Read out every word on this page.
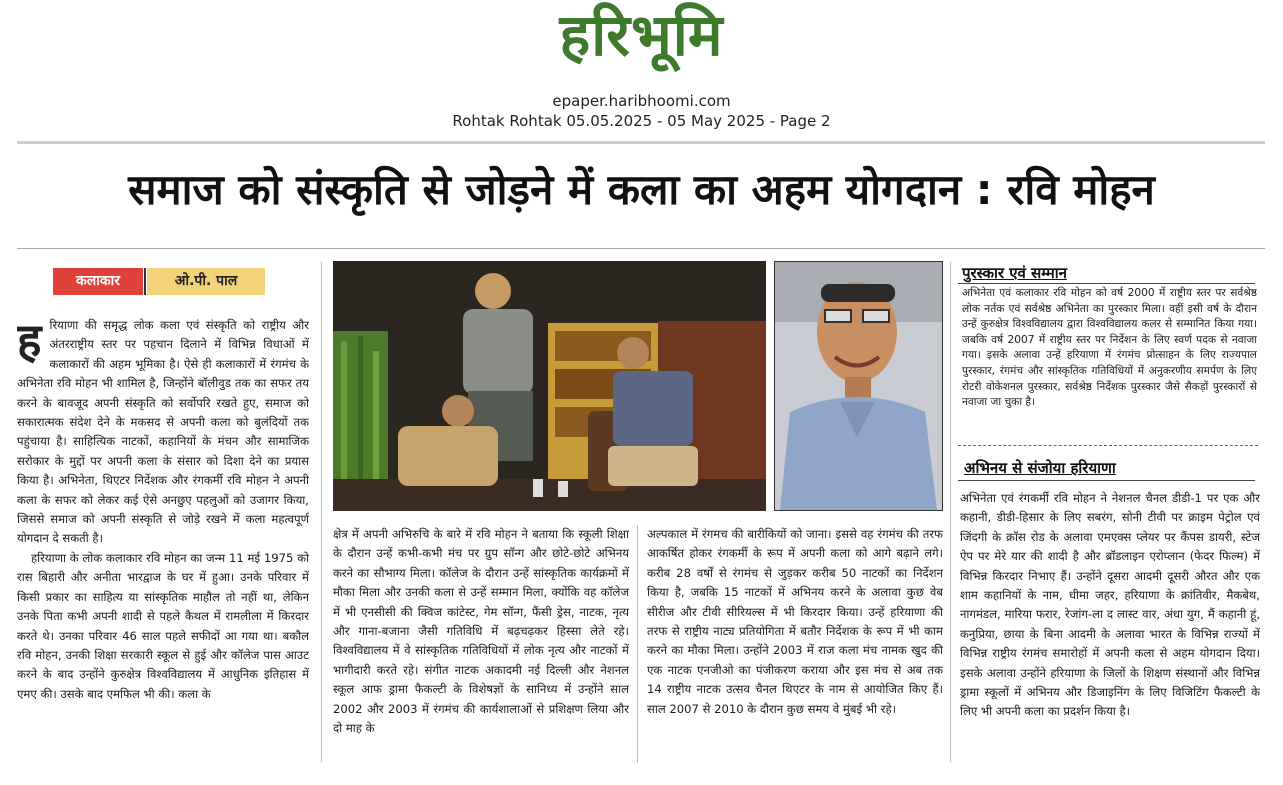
हरिभूमि
epaper.haribhoomi.com
Rohtak Rohtak 05.05.2025 - 05 May 2025 - Page 2
समाज को संस्कृति से जोड़ने में कला का अहम योगदान : रवि मोहन
कलाकार	ओ.पी. पाल

ह रियाणा की समृद्ध लोक कला एवं संस्कृति को राष्ट्रीय और अंतरराष्ट्रीय स्तर पर पहचान दिलाने में विभिन्न विधाओं में कलाकारों की अहम भूमिका है। ऐसे ही कलाकारों में रंगमंच के अभिनेता रवि मोहन भी शामिल है, जिन्होंने बॉलीवुड तक का सफर तय करने के बावजूद अपनी संस्कृति को सर्वोपरि रखते हुए, समाज को सकारात्मक संदेश देने के मकसद से अपनी कला को बुलंदियों तक पहुंचाया है। साहित्यिक नाटकों, कहानियों के मंचन और सामाजिक सरोकार के मुद्दों पर अपनी कला के संसार को दिशा देने का प्रयास किया है। अभिनेता, थिएटर निर्देशक और रंगकर्मी रवि मोहन ने अपनी कला के सफर को लेकर कई ऐसे अनछुए पहलुओं को उजागर किया, जिससे समाज को अपनी संस्कृति से जोड़े रखने में कला महत्वपूर्ण योगदान दे सकती है।

हरियाणा के लोक कलाकार रवि मोहन का जन्म 11 मई 1975 को रास बिहारी और अनीता भारद्वाज के घर में हुआ। उनके परिवार में किसी प्रकार का साहित्य या सांस्कृतिक माहौल तो नहीं था, लेकिन उनके पिता कभी अपनी शादी से पहले कैथल में रामलीला में किरदार करते थे। उनका परिवार 46 साल पहले सफीदों आ गया था। बकौल रवि मोहन, उनकी शिक्षा सरकारी स्कूल से हुई और कॉलेज पास आउट करने के बाद उन्होंने कुरुक्षेत्र विश्वविद्यालय में आधुनिक इतिहास में एमए की। उसके बाद एमफिल भी की। कला के

क्षेत्र में अपनी अभिरुचि के बारे में रवि मोहन ने बताया कि स्कूली शिक्षा के दौरान उन्हें कभी-कभी मंच पर ग्रुप सॉन्ग और छोटे-छोटे अभिनय करने का सौभाग्य मिला। कॉलेज के दौरान उन्हें सांस्कृतिक कार्यक्रमों में मौका मिला और उनकी कला से उन्हें सम्मान मिला, क्योंकि वह कॉलेज में भी एनसीसी की क्विज कांटेस्ट, गेम सॉन्ग, फैंसी ड्रेस, नाटक, नृत्य और गाना-बजाना जैसी गतिविधि में बढ़चढ़कर हिस्सा लेते रहे। विश्वविद्यालय में वे सांस्कृतिक गतिविधियों में लोक नृत्य और नाटकों में भागीदारी करते रहे। संगीत नाटक अकादमी नई दिल्ली और नेशनल स्कूल आफ ड्रामा फैकल्टी के विशेषज्ञों के सानिध्य में उन्होंने साल 2002 और 2003 में रंगमंच की कार्यशालाओं से प्रशिक्षण लिया और दो माह के

अल्पकाल में रंगमच की बारीकियों को जाना। इससे वह रंगमंच की तरफ आकर्षित होकर रंगकर्मी के रूप में अपनी कला को आगे बढ़ाने लगे। करीब 28 वर्षों से रंगमंच से जुड़कर करीब 50 नाटकों का निर्देशन किया है, जबकि 15 नाटकों में अभिनय करने के अलावा कुछ वेब सीरीज और टीवी सीरियल्स में भी किरदार किया। उन्हें हरियाणा की तरफ से राष्ट्रीय नाट्य प्रतियोगिता में बतौर निर्देशक के रूप में भी काम करने का मौका मिला। उन्होंने 2003 में राज कला मंच नामक खुद की एक नाटक एनजीओ का पंजीकरण कराया और इस मंच से अब तक 14 राष्ट्रीय नाटक उत्सव चैनल थिएटर के नाम से आयोजित किए हैं। साल 2007 से 2010 के दौरान कुछ समय वे मुंबई भी रहे।

पुरस्कार एवं सम्मान
अभिनेता एवं कलाकार रवि मोहन को वर्ष 2000 में राष्ट्रीय स्तर पर सर्वश्रेष्ठ लोक नर्तक एवं सर्वश्रेष्ठ अभिनेता का पुरस्कार मिला। वहीं इसी वर्ष के दौरान उन्हें कुरुक्षेत्र विश्वविद्यालय द्वारा विश्वविद्यालय कलर से सम्मानित किया गया। जबकि वर्ष 2007 में राष्ट्रीय स्तर पर निर्देशन के लिए स्वर्ण पदक से नवाजा गया। इसके अलावा उन्हें हरियाणा में रंगमंच प्रोत्साहन के लिए राज्यपाल पुरस्कार, रंगमंच और सांस्कृतिक गतिविधियों में अनुकरणीय समर्पण के लिए रोटरी वोकेशनल पुरस्कार, सर्वश्रेष्ठ निर्देशक पुरस्कार जैसे सैकड़ों पुरस्कारों से नवाजा जा चुका है।
अभिनय से संजोया हरियाणा

अभिनेता एवं रंगकर्मी रवि मोहन ने नेशनल चैनल डीडी-1 पर एक और कहानी, डीडी-हिसार के लिए सबरंग, सोनी टीवी पर क्राइम पेट्रोल एवं जिंदगी के क्रॉस रोड के अलावा एमएक्स प्लेयर पर कैंपस डायरी, स्टेज ऐप पर मेरे यार की शादी है और ब्रॉडलाइन एरोप्लान (फेदर फिल्म) में विभिन्न किरदार निभाए हैं। उन्होंने दूसरा आदमी दूसरी औरत और एक शाम कहानियों के नाम, धीमा जहर, हरियाणा के क्रांतिवीर, मैकबेथ, नागमंडल, मारिया फरार, रेजांग-ला द लास्ट वार, अंधा युग, मैं कहानी हूं, कनुप्रिया, छाया के बिना आदमी के अलावा भारत के विभिन्न राज्यों में विभिन्न राष्ट्रीय रंगमंच समारोहों में अपनी कला से अहम योगदान दिया। इसके अलावा उन्होंने हरियाणा के जिलों के शिक्षण संस्थानों और विभिन्न ड्रामा स्कूलों में अभिनय और डिजाइनिंग के लिए विजिटिंग फैकल्टी के लिए भी अपनी कला का प्रदर्शन किया है।
